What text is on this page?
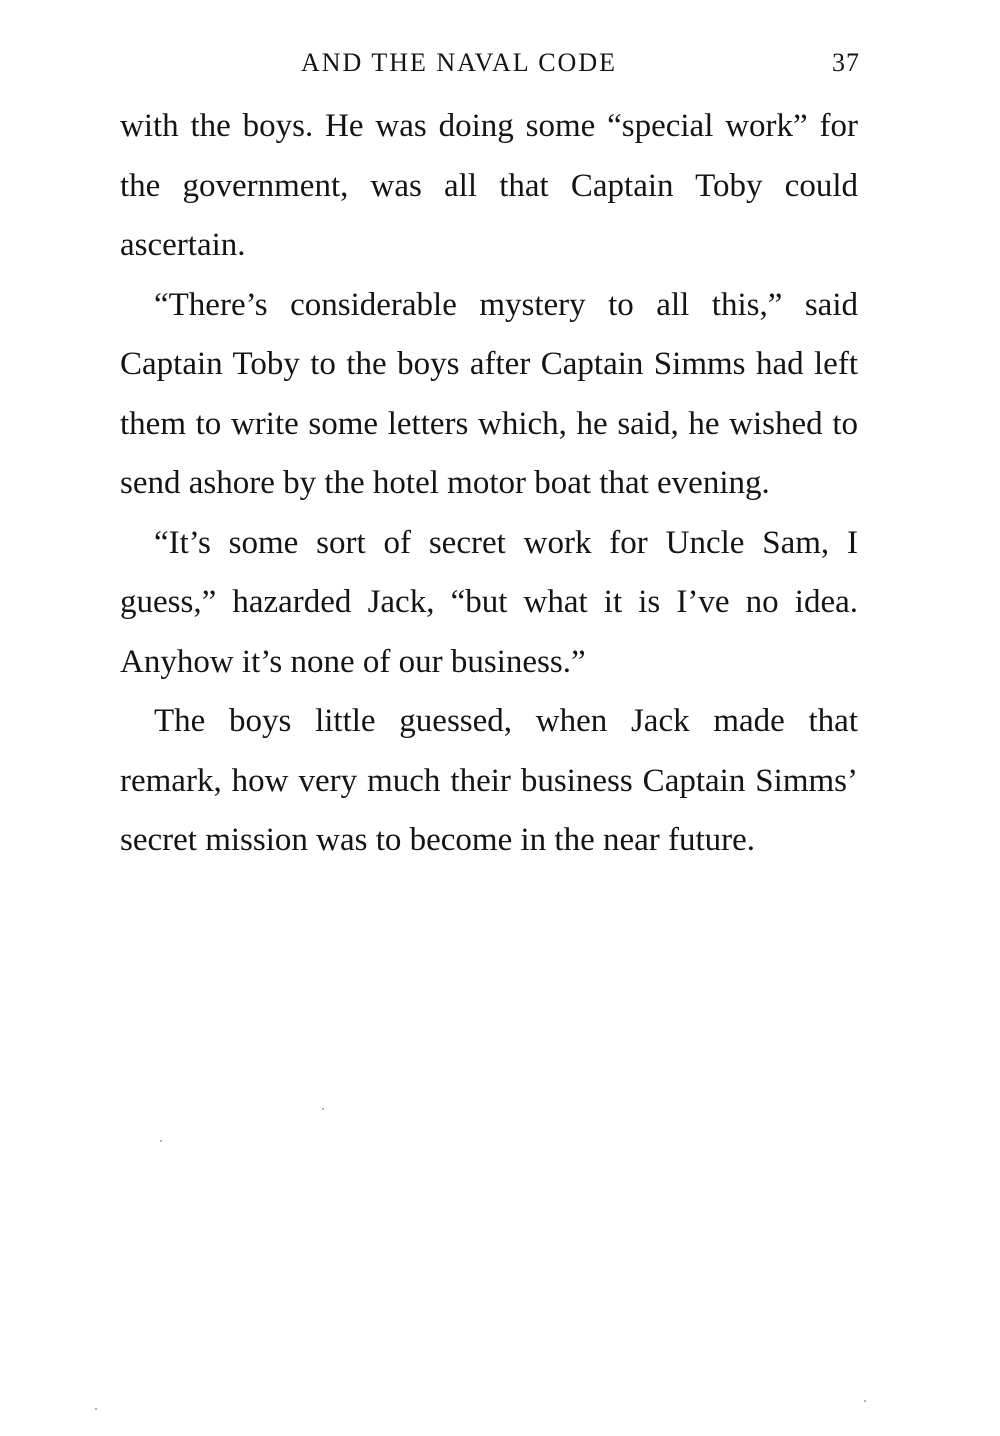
AND THE NAVAL CODE	37

with the boys. He was doing some “special work” for the government, was all that Captain Toby could ascertain.

“There’s considerable mystery to all this,” said Captain Toby to the boys after Captain Simms had left them to write some letters which, he said, he wished to send ashore by the hotel motor boat that evening.

“It’s some sort of secret work for Uncle Sam, I guess,” hazarded Jack, “but what it is I’ve no idea. Anyhow it’s none of our business.”

The boys little guessed, when Jack made that remark, how very much their business Captain Simms’ secret mission was to become in the near future.
